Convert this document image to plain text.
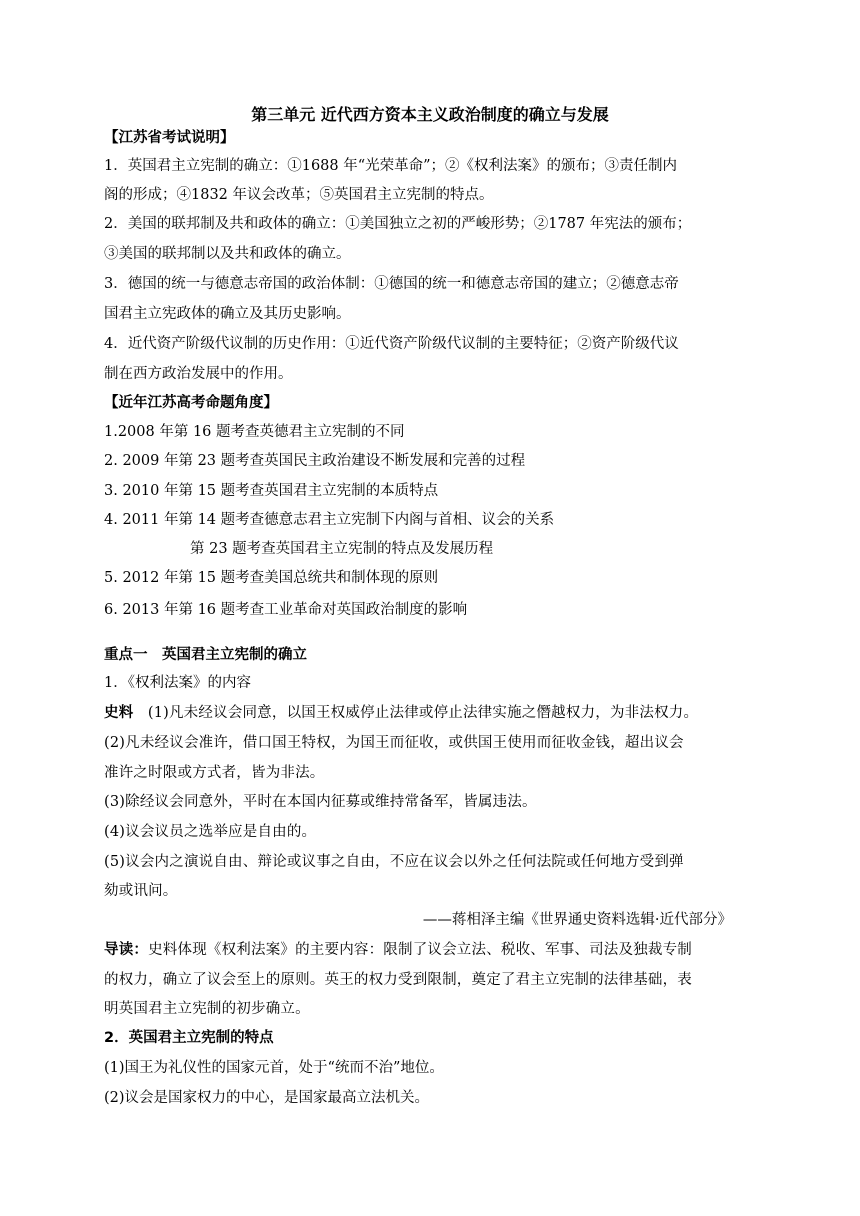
第三单元 近代西方资本主义政治制度的确立与发展
【江苏省考试说明】
1．英国君主立宪制的确立：①1688 年“光荣革命”；②《权利法案》的颁布；③责任制内
阁的形成；④1832 年议会改革；⑤英国君主立宪制的特点。
2．美国的联邦制及共和政体的确立：①美国独立之初的严峻形势；②1787 年宪法的颁布；
③美国的联邦制以及共和政体的确立。
3．德国的统一与德意志帝国的政治体制：①德国的统一和德意志帝国的建立；②德意志帝
国君主立宪政体的确立及其历史影响。
4．近代资产阶级代议制的历史作用：①近代资产阶级代议制的主要特征；②资产阶级代议
制在西方政治发展中的作用。
【近年江苏高考命题角度】
1.2008 年第 16 题考查英德君主立宪制的不同
2. 2009 年第 23 题考查英国民主政治建设不断发展和完善的过程
3. 2010 年第 15 题考查英国君主立宪制的本质特点
4. 2011 年第 14 题考查德意志君主立宪制下内阁与首相、议会的关系
第 23 题考查英国君主立宪制的特点及发展历程
5. 2012 年第 15 题考查美国总统共和制体现的原则
6. 2013 年第 16 题考查工业革命对英国政治制度的影响
重点一　英国君主立宪制的确立
1．《权利法案》的内容
史料 (1)凡未经议会同意，以国王权威停止法律或停止法律实施之僭越权力，为非法权力。
(2)凡未经议会准许，借口国王特权，为国王而征收，或供国王使用而征收金钱，超出议会
准许之时限或方式者，皆为非法。
(3)除经议会同意外，平时在本国内征募或维持常备军，皆属违法。
(4)议会议员之选举应是自由的。
(5)议会内之演说自由、辩论或议事之自由，不应在议会以外之任何法院或任何地方受到弹
劾或讯问。
——蒋相泽主编《世界通史资料选辑·近代部分》
导读：史料体现《权利法案》的主要内容：限制了议会立法、税收、军事、司法及独裁专制
的权力，确立了议会至上的原则。英王的权力受到限制，奠定了君主立宪制的法律基础，表
明英国君主立宪制的初步确立。
2．英国君主立宪制的特点
(1)国王为礼仪性的国家元首，处于“统而不治”地位。
(2)议会是国家权力的中心，是国家最高立法机关。
